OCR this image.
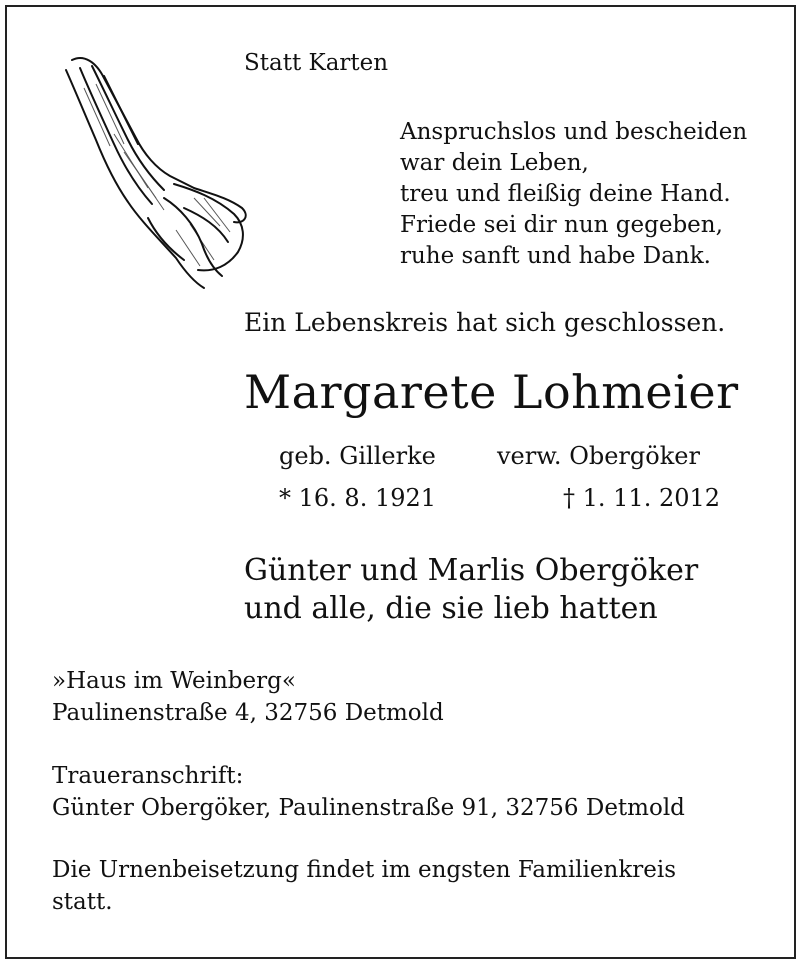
Statt Karten
Anspruchslos und bescheiden
war dein Leben,
treu und fleißig deine Hand.
Friede sei dir nun gegeben,
ruhe sanft und habe Dank.
Ein Lebenskreis hat sich geschlossen.
Margarete Lohmeier
geb. Gillerke	verw. Obergöker
* 16. 8. 1921	† 1. 11. 2012
Günter und Marlis Obergöker
und alle, die sie lieb hatten
»Haus im Weinberg«
Paulinenstraße 4, 32756 Detmold
Traueranschrift:
Günter Obergöker, Paulinenstraße 91, 32756 Detmold
Die Urnenbeisetzung findet im engsten Familienkreis
statt.
